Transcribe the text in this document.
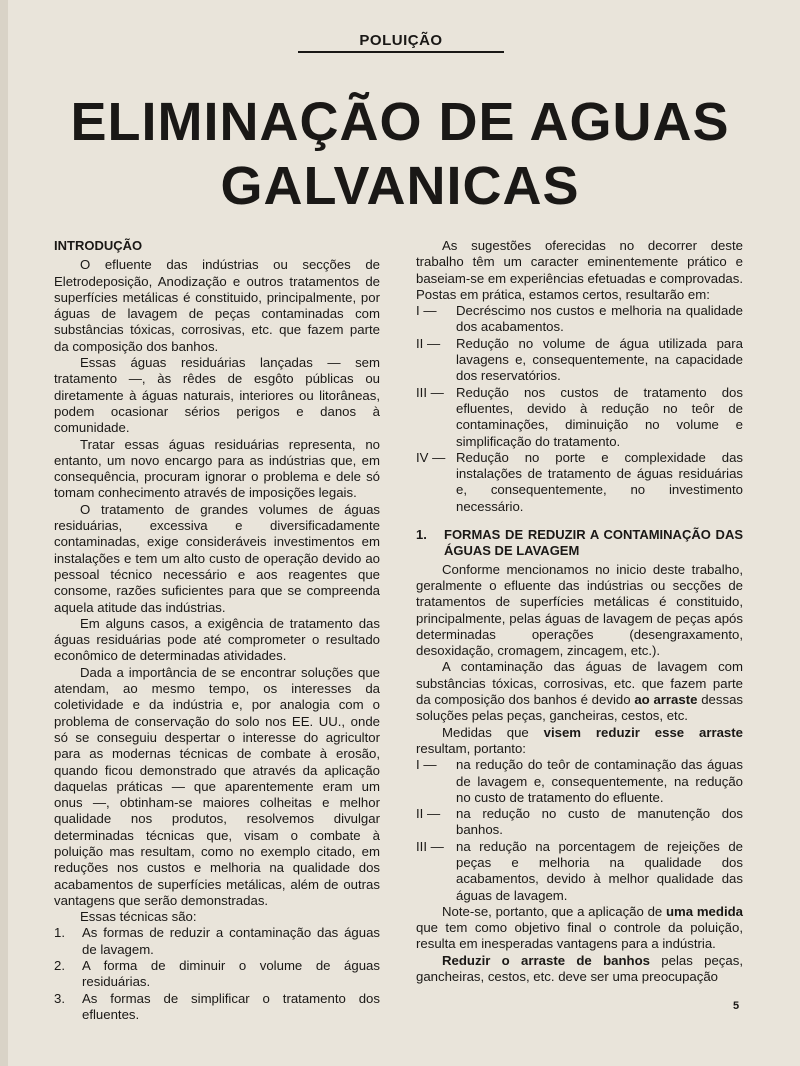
POLUIÇÃO
ELIMINAÇÃO DE AGUAS
GALVANICAS
INTRODUÇÃO

O efluente das indústrias ou secções de Eletrodeposição, Anodização e outros tratamentos de superfícies metálicas é constituido, principalmente, por águas de lavagem de peças contaminadas com substâncias tóxicas, corrosivas, etc. que fazem parte da composição dos banhos.

Essas águas residuárias lançadas — sem tratamento —, às rêdes de esgôto públicas ou diretamente à águas naturais, interiores ou litorâneas, podem ocasionar sérios perigos e danos à comunidade.

Tratar essas águas residuárias representa, no entanto, um novo encargo para as indústrias que, em consequência, procuram ignorar o problema e dele só tomam conhecimento através de imposições legais.

O tratamento de grandes volumes de águas residuárias, excessiva e diversificadamente contaminadas, exige consideráveis investimentos em instalações e tem um alto custo de operação devido ao pessoal técnico necessário e aos reagentes que consome, razões suficientes para que se compreenda aquela atitude das indústrias.

Em alguns casos, a exigência de tratamento das águas residuárias pode até comprometer o resultado econômico de determinadas atividades.

Dada a importância de se encontrar soluções que atendam, ao mesmo tempo, os interesses da coletividade e da indústria e, por analogia com o problema de conservação do solo nos EE. UU., onde só se conseguiu despertar o interesse do agricultor para as modernas técnicas de combate à erosão, quando ficou demonstrado que através da aplicação daquelas práticas — que aparentemente eram um onus —, obtinham-se maiores colheitas e melhor qualidade nos produtos, resolvemos divulgar determinadas técnicas que, visam o combate à poluição mas resultam, como no exemplo citado, em reduções nos custos e melhoria na qualidade dos acabamentos de superfícies metálicas, além de outras vantagens que serão demonstradas.

Essas técnicas são:

1.	As formas de reduzir a contaminação das águas de lavagem.
2.	A forma de diminuir o volume de águas residuárias.
3.	As formas de simplificar o tratamento dos efluentes.

As sugestões oferecidas no decorrer deste trabalho têm um caracter eminentemente prático e baseiam-se em experiências efetuadas e comprovadas. Postas em prática, estamos certos, resultarão em:

I —	Decréscimo nos custos e melhoria na qualidade dos acabamentos.
II —	Redução no volume de água utilizada para lavagens e, consequentemente, na capacidade dos reservatórios.
III — Redução nos custos de tratamento dos efluentes, devido à redução no teôr de contaminações, diminuição no volume e simplificação do tratamento.
IV — Redução no porte e complexidade das instalações de tratamento de águas residuárias e, consequentemente, no investimento necessário.
1.	FORMAS DE REDUZIR A CONTAMINAÇÃO DAS ÁGUAS DE LAVAGEM

Conforme mencionamos no inicio deste trabalho, geralmente o efluente das indústrias ou secções de tratamentos de superfícies metálicas é constituido, principalmente, pelas águas de lavagem de peças após determinadas operações (desengraxamento, desoxidação, cromagem, zincagem, etc.).

A contaminação das águas de lavagem com substâncias tóxicas, corrosivas, etc. que fazem parte da composição dos banhos é devido ao arraste dessas soluções pelas peças, gancheiras, cestos, etc.

Medidas que visem reduzir esse arraste resultam, portanto:

I —	na redução do teôr de contaminação das águas de lavagem e, consequentemente, na redução no custo de tratamento do efluente.
II —	na redução no custo de manutenção dos banhos.
III — na redução na porcentagem de rejeições de peças e melhoria na qualidade dos acabamentos, devido à melhor qualidade das águas de lavagem.

Note-se, portanto, que a aplicação de uma medida que tem como objetivo final o controle da poluição, resulta em inesperadas vantagens para a indústria.

Reduzir o arraste de banhos pelas peças, gancheiras, cestos, etc. deve ser uma preocupação

5
